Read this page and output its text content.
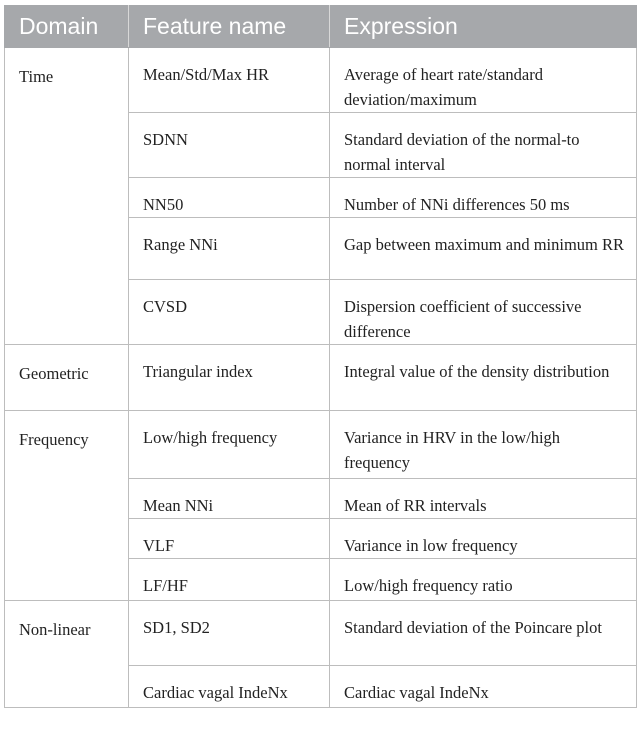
Domain	Feature name	Expression
Time	Mean/Std/Max HR	Average of heart rate/standard deviation/maximum
	SDNN	Standard deviation of the normal-to normal interval
	NN50	Number of NNi differences 50 ms
	Range NNi	Gap between maximum and minimum RR
	CVSD	Dispersion coefficient of successive difference
Geometric	Triangular index	Integral value of the density distribution
Frequency	Low/high frequency	Variance in HRV in the low/high frequency
	Mean NNi	Mean of RR intervals
	VLF	Variance in low frequency
	LF/HF	Low/high frequency ratio
Non-linear	SD1, SD2	Standard deviation of the Poincare plot
	Cardiac vagal IndeNx	Cardiac vagal IndeNx
